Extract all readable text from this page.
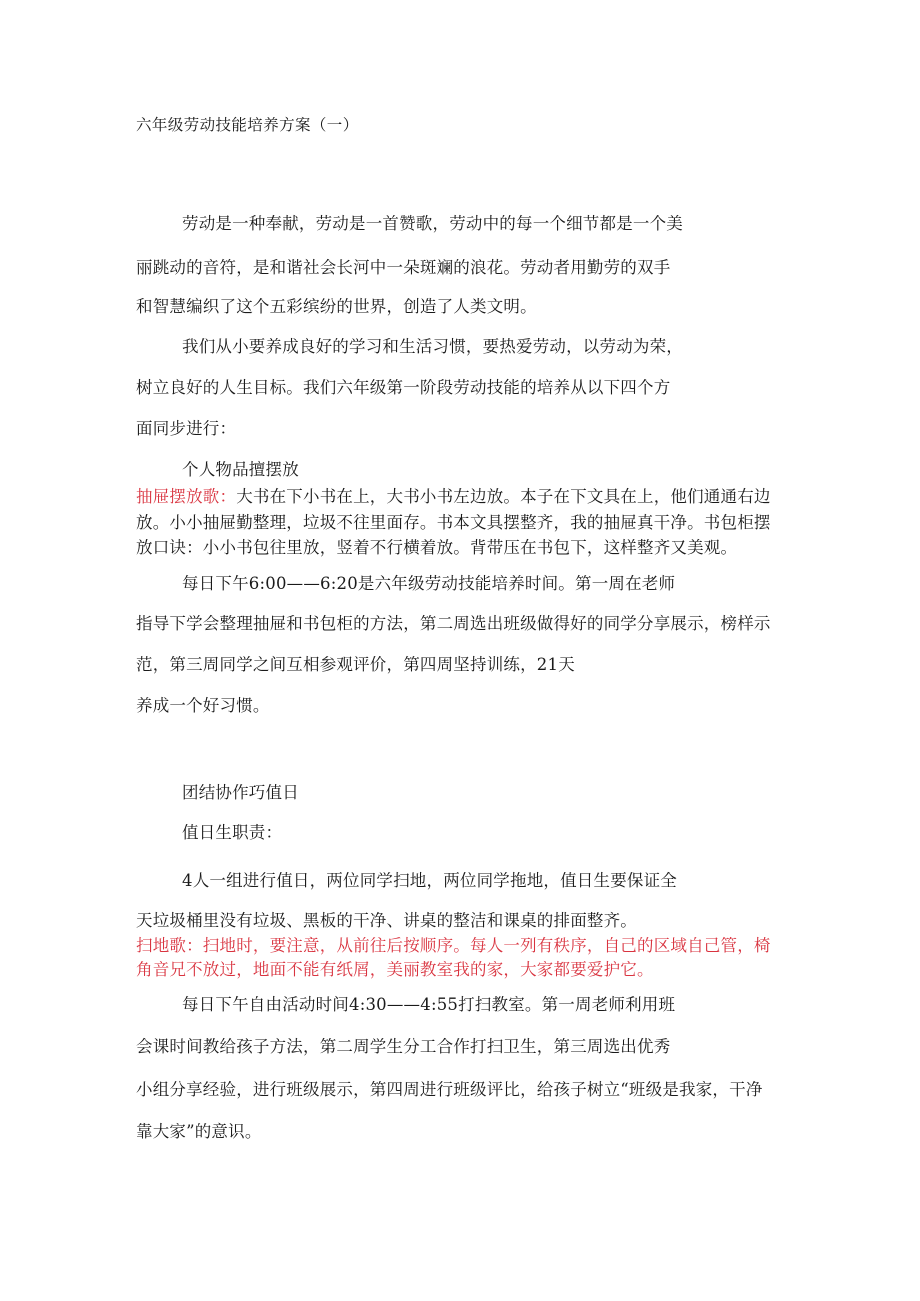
六年级劳动技能培养方案（一）
劳动是一种奉献，劳动是一首赞歌，劳动中的每一个细节都是一个美
丽跳动的音符，是和谐社会长河中一朵斑斓的浪花。劳动者用勤劳的双手
和智慧编织了这个五彩缤纷的世界，创造了人类文明。
我们从小要养成良好的学习和生活习惯，要热爱劳动，以劳动为荣，
树立良好的人生目标。我们六年级第一阶段劳动技能的培养从以下四个方
面同步进行：
个人物品擅摆放
抽屉摆放歌：大书在下小书在上，大书小书左边放。本子在下文具在上，他们通通右边
放。小小抽屉勤整理，垃圾不往里面存。书本文具摆整齐，我的抽屉真干净。书包柜摆
放口诀：小小书包往里放，竖着不行横着放。背带压在书包下，这样整齐又美观。
每日下午6:00——6:20是六年级劳动技能培养时间。第一周在老师
指导下学会整理抽屉和书包柜的方法，第二周选出班级做得好的同学分享展示，榜样示
范，第三周同学之间互相参观评价，第四周坚持训练，21天
养成一个好习惯。
团结协作巧值日
值日生职责：
4人一组进行值日，两位同学扫地，两位同学拖地，值日生要保证全
天垃圾桶里没有垃圾、黑板的干净、讲桌的整洁和课桌的排面整齐。
扫地歌：扫地时，要注意，从前往后按顺序。每人一列有秩序，自己的区域自己管，椅
角音兄不放过，地面不能有纸屑，美丽教室我的家，大家都要爱护它。
每日下午自由活动时间4:30——4:55打扫教室。第一周老师利用班
会课时间教给孩子方法，第二周学生分工合作打扫卫生，第三周选出优秀
小组分享经验，进行班级展示，第四周进行班级评比，给孩子树立“班级是我家，干净
靠大家”的意识。
